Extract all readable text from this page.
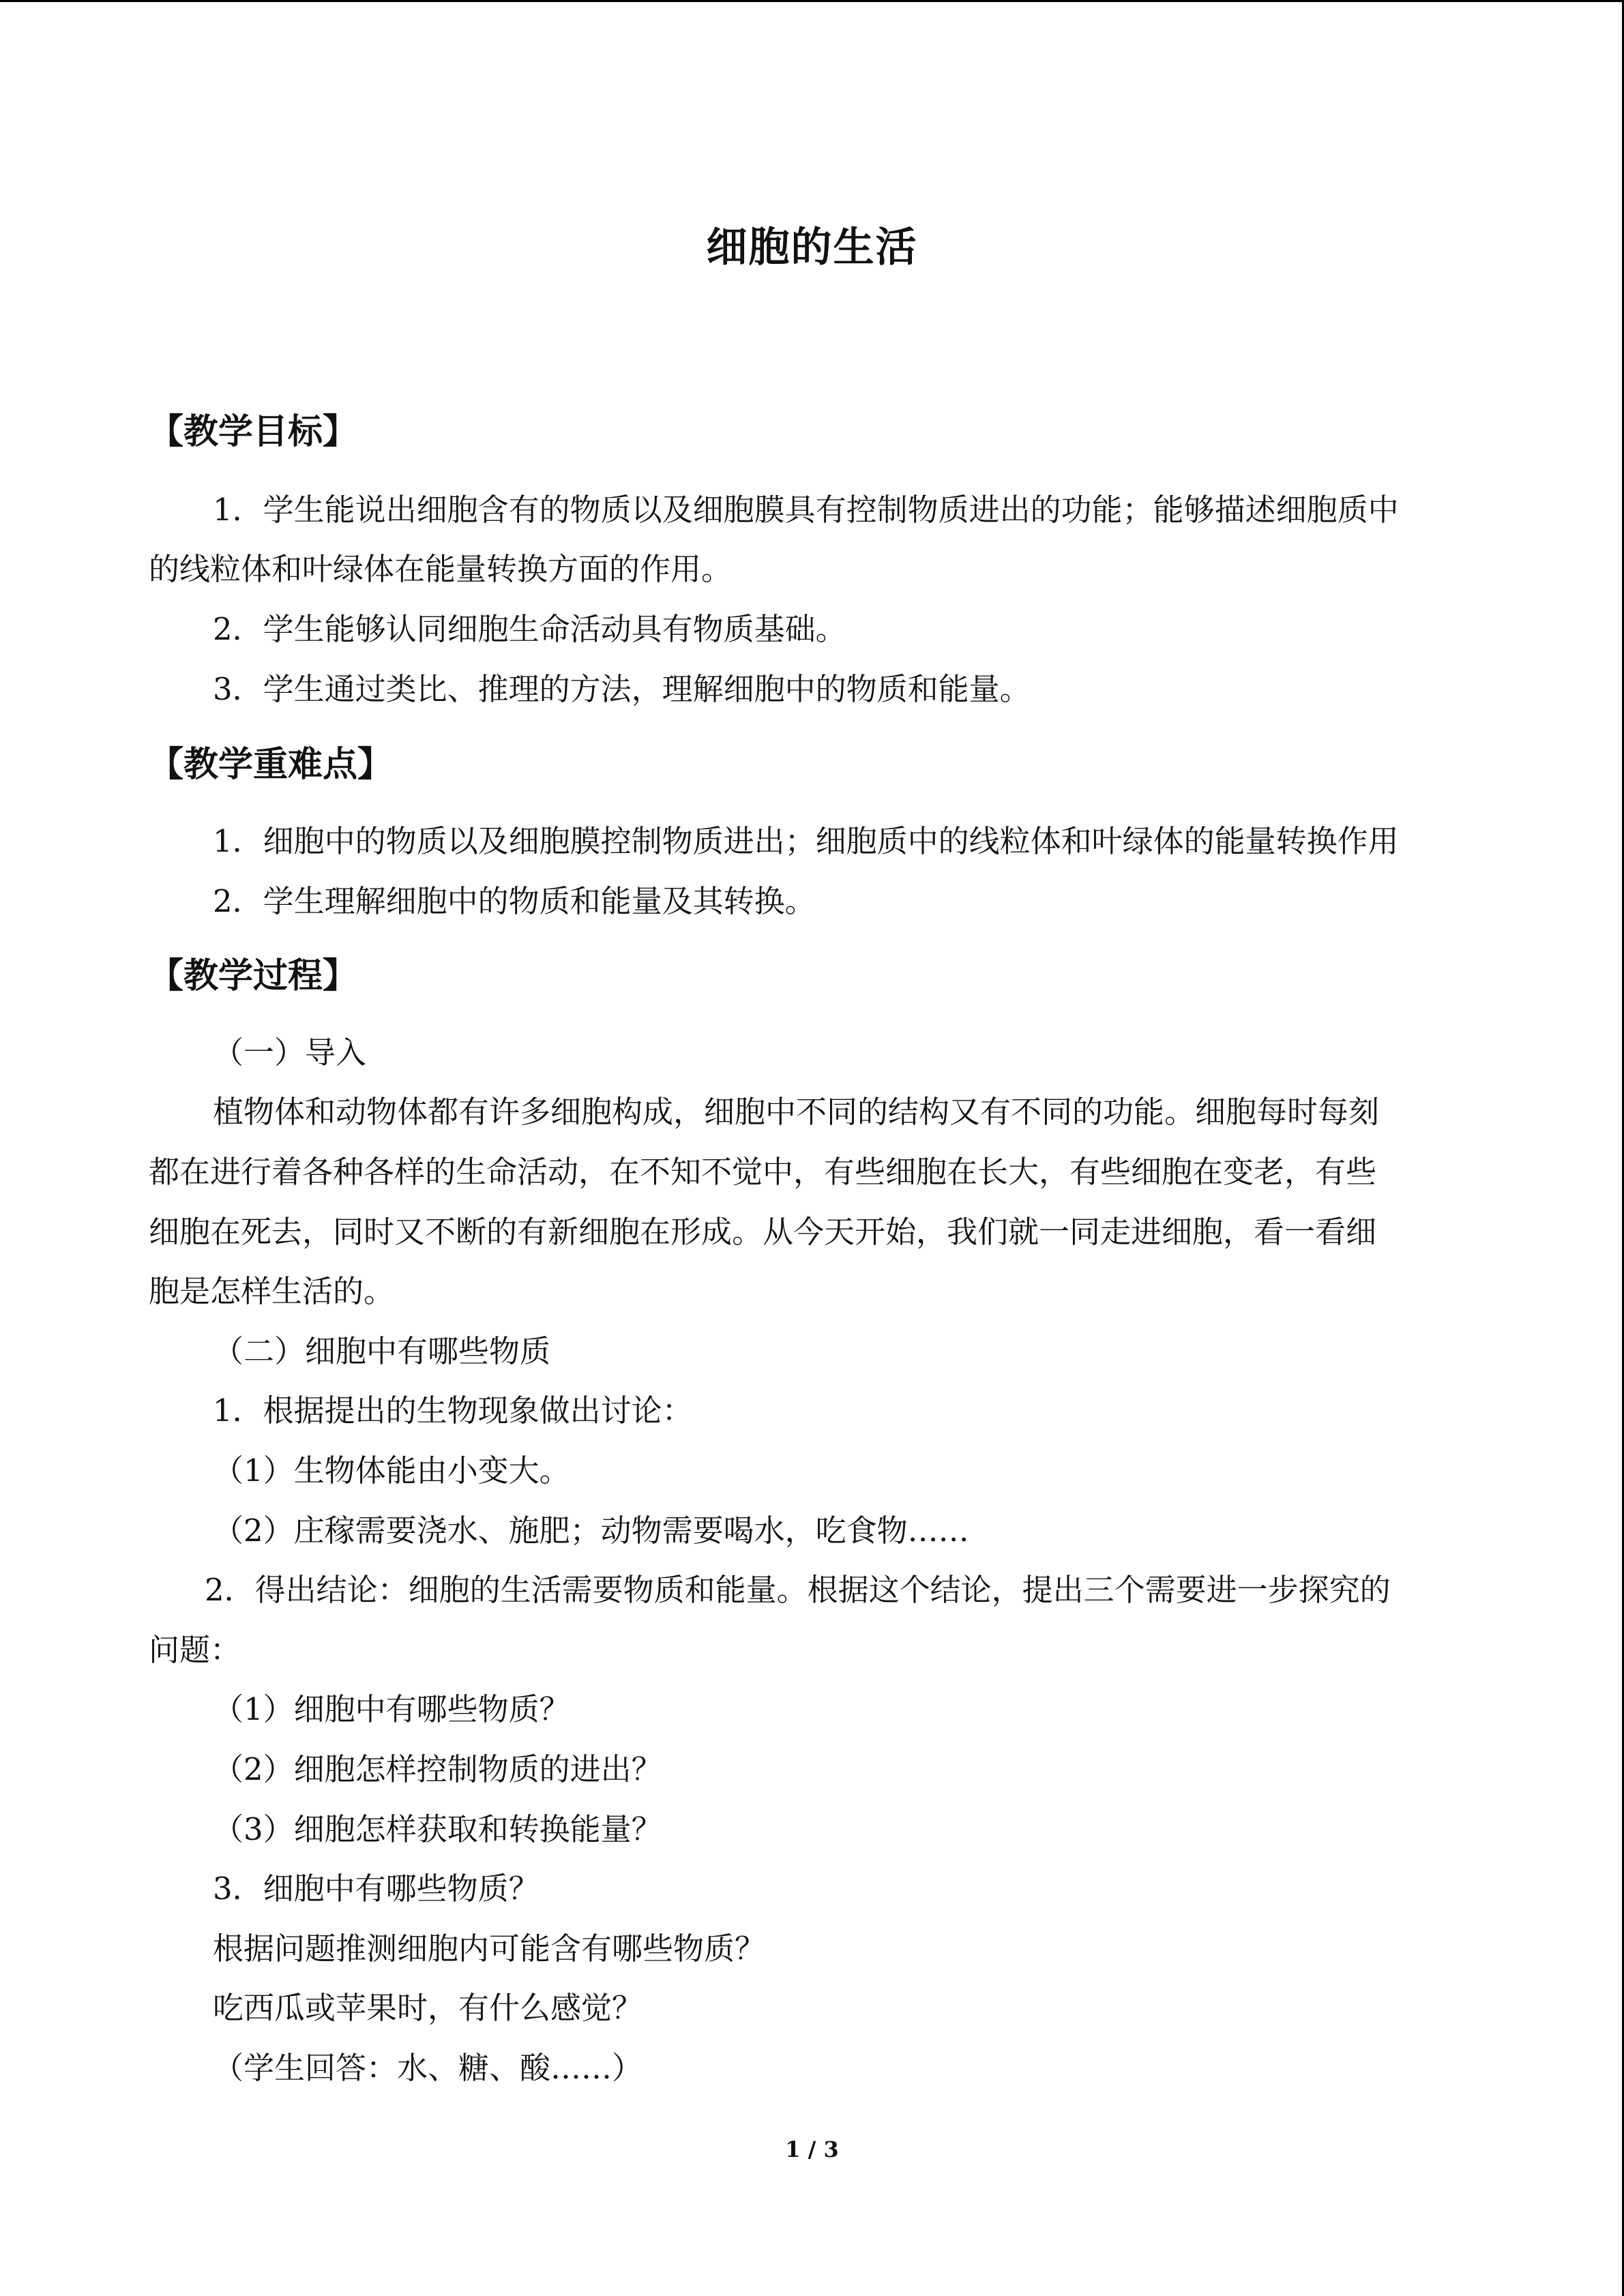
细胞的生活
【教学目标】
1．学生能说出细胞含有的物质以及细胞膜具有控制物质进出的功能；能够描述细胞质中
的线粒体和叶绿体在能量转换方面的作用。
2．学生能够认同细胞生命活动具有物质基础。
3．学生通过类比、推理的方法，理解细胞中的物质和能量。
【教学重难点】
1．细胞中的物质以及细胞膜控制物质进出；细胞质中的线粒体和叶绿体的能量转换作用
2．学生理解细胞中的物质和能量及其转换。
【教学过程】
（一）导入
植物体和动物体都有许多细胞构成，细胞中不同的结构又有不同的功能。细胞每时每刻
都在进行着各种各样的生命活动，在不知不觉中，有些细胞在长大，有些细胞在变老，有些
细胞在死去，同时又不断的有新细胞在形成。从今天开始，我们就一同走进细胞，看一看细
胞是怎样生活的。
（二）细胞中有哪些物质
1．根据提出的生物现象做出讨论：
（1）生物体能由小变大。
（2）庄稼需要浇水、施肥；动物需要喝水，吃食物……
2．得出结论：细胞的生活需要物质和能量。根据这个结论，提出三个需要进一步探究的
问题：
（1）细胞中有哪些物质？
（2）细胞怎样控制物质的进出？
（3）细胞怎样获取和转换能量？
3．细胞中有哪些物质？
根据问题推测细胞内可能含有哪些物质？
吃西瓜或苹果时，有什么感觉？
（学生回答：水、糖、酸……）
1 / 3
